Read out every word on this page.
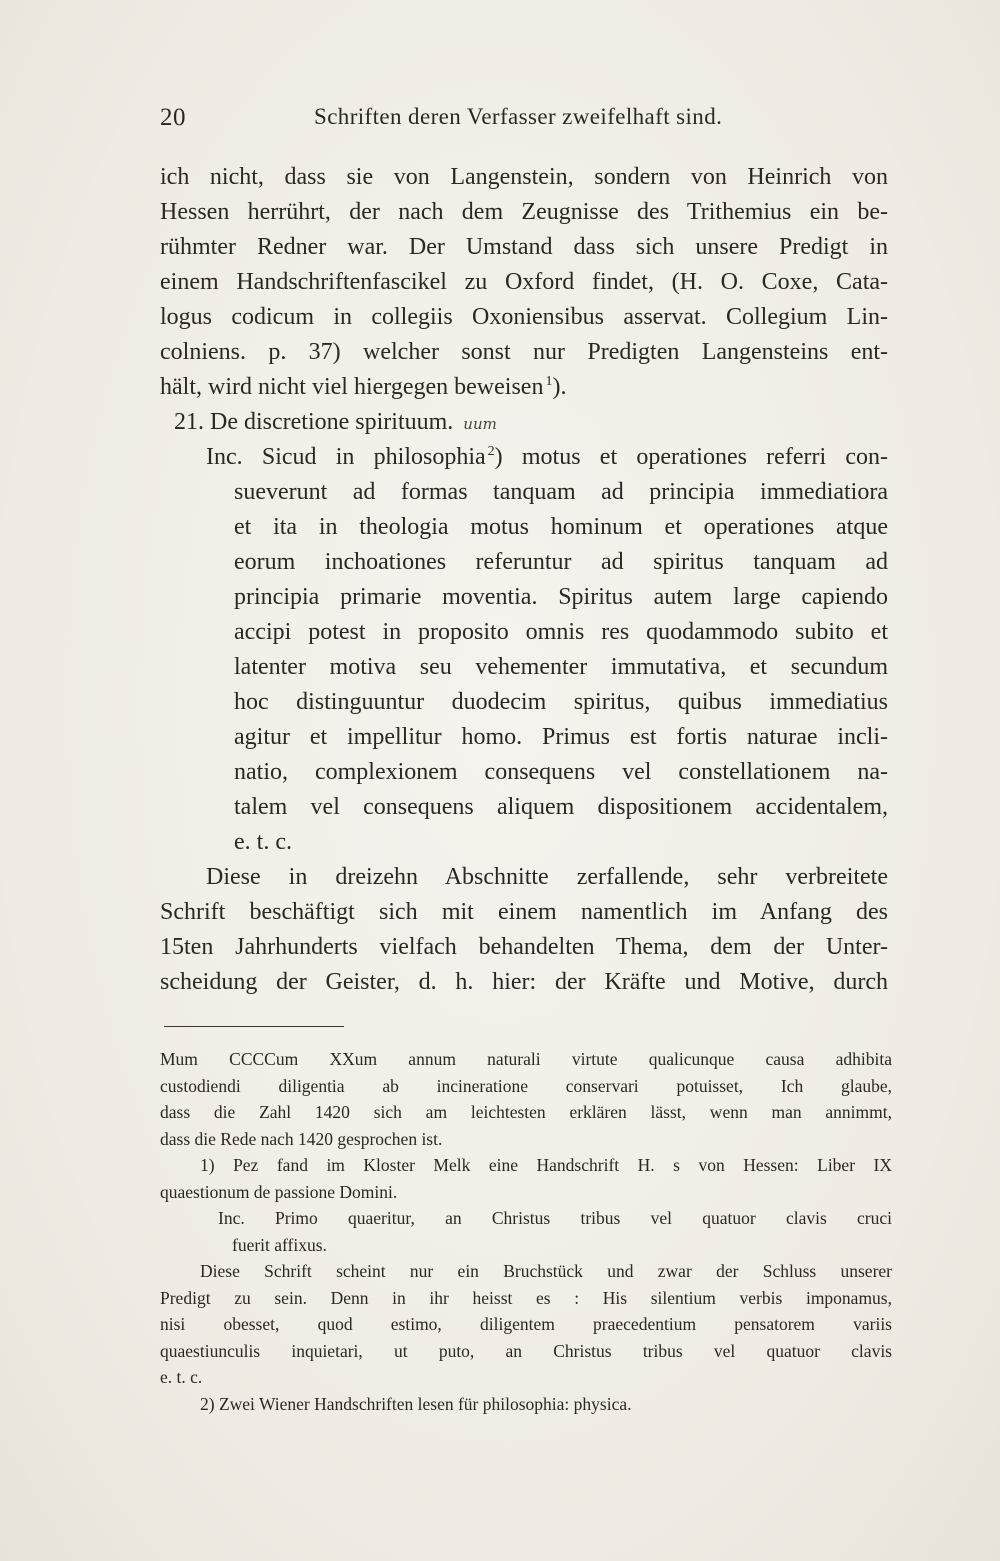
20	Schriften deren Verfasser zweifelhaft sind.
ich nicht, dass sie von Langenstein, sondern von Heinrich von
Hessen herrührt, der nach dem Zeugnisse des Trithemius ein be-
rühmter Redner war. Der Umstand dass sich unsere Predigt in
einem Handschriftenfascikel zu Oxford findet, (H. O. Coxe, Cata-
logus codicum in collegiis Oxoniensibus asservat. Collegium Lin-
colniens. p. 37) welcher sonst nur Predigten Langensteins ent-
hält, wird nicht viel hiergegen beweisen  $^1$).
21. De discretione spirituum. uum
Inc. Sicud in philosophia  $^2$) motus et operationes referri con-
sueverunt ad formas tanquam ad principia immediatiora
et ita in theologia motus hominum et operationes atque
eorum inchoationes referuntur ad spiritus tanquam ad
principia primarie moventia. Spiritus autem large capiendo
accipi potest in proposito omnis res quodammodo subito et
latenter motiva seu vehementer immutativa, et secundum
hoc distinguuntur duodecim spiritus, quibus immediatius
agitur et impellitur homo. Primus est fortis naturae incli-
natio, complexionem consequens vel constellationem na-
talem vel consequens aliquem dispositionem accidentalem,
e. t. c.
Diese in dreizehn Abschnitte zerfallende, sehr verbreitete
Schrift beschäftigt sich mit einem namentlich im Anfang des
15ten Jahrhunderts vielfach behandelten Thema, dem der Unter-
scheidung der Geister, d. h. hier: der Kräfte und Motive, durch
Mum CCCCum XXum annum naturali virtute qualicunque causa adhibita
custodiendi diligentia ab incineratione conservari potuisset, Ich glaube,
dass die Zahl 1420 sich am leichtesten erklären lässt, wenn man annimmt,
dass die Rede nach 1420 gesprochen ist.
1) Pez fand im Kloster Melk eine Handschrift H. s von Hessen: Liber IX
quaestionum de passione Domini.
Inc. Primo quaeritur, an Christus tribus vel quatuor clavis cruci
fuerit affixus.
Diese Schrift scheint nur ein Bruchstück und zwar der Schluss unserer
Predigt zu sein. Denn in ihr heisst es : His silentium verbis imponamus,
nisi obesset, quod estimo, diligentem praecedentium pensatorem variis
quaestiunculis inquietari, ut puto, an Christus tribus vel quatuor clavis
e. t. c.
2) Zwei Wiener Handschriften lesen für philosophia: physica.
